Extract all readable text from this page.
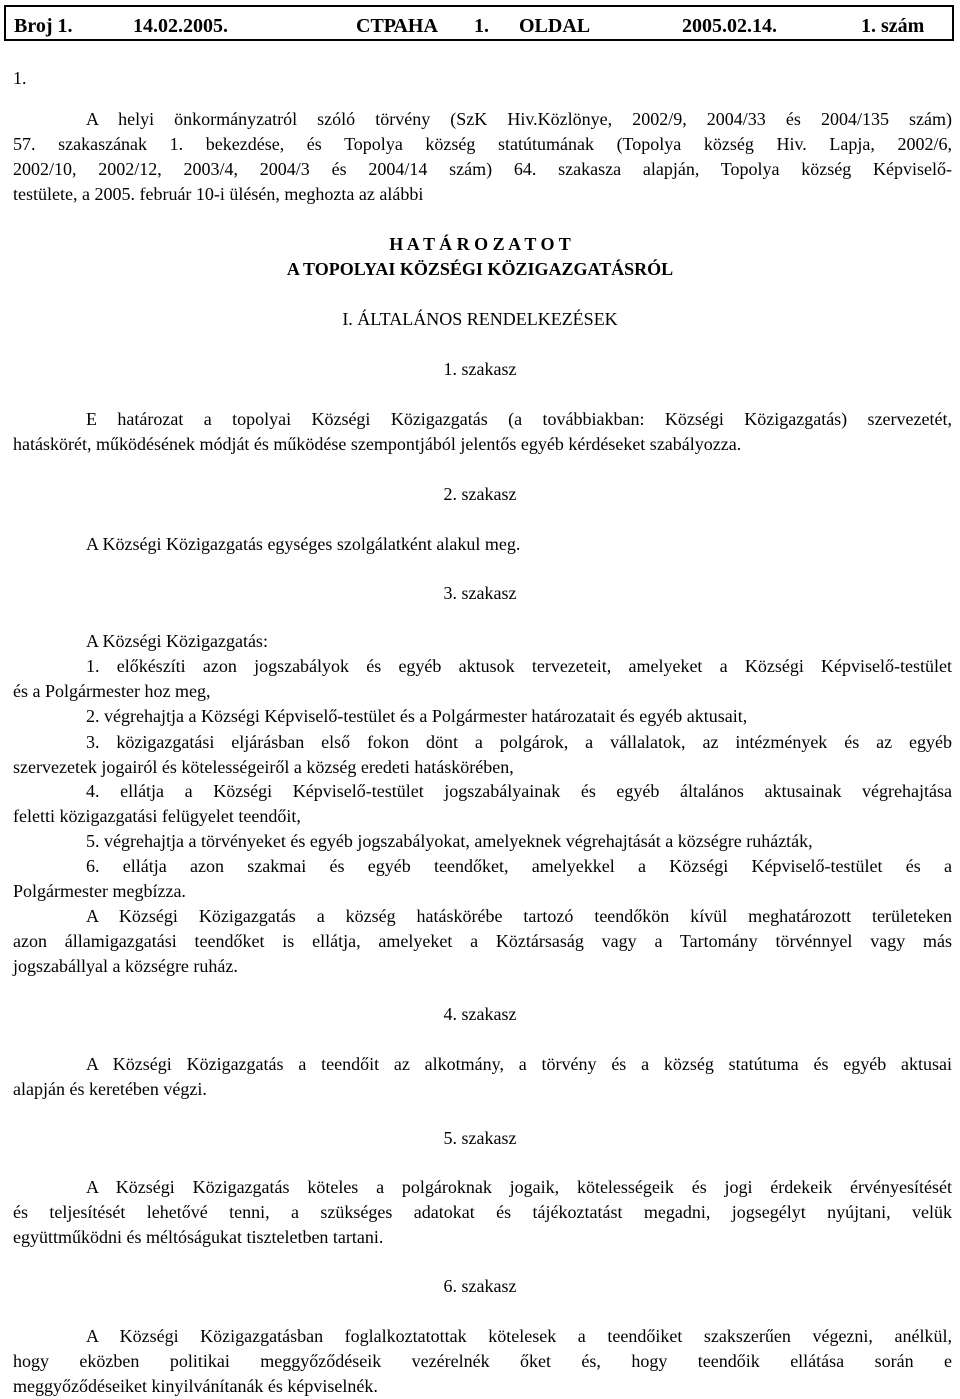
Broj 1.	14.02.2005.	СТРАНА 1. OLDAL	2005.02.14.	1. szám
1.
A helyi önkormányzatról szóló törvény (SzK Hiv.Közlönye, 2002/9, 2004/33 és 2004/135 szám)
57. szakaszának 1. bekezdése, és Topolya község statútumának (Topolya község Hiv. Lapja, 2002/6,
2002/10, 2002/12, 2003/4, 2004/3 és 2004/14 szám) 64. szakasza alapján, Topolya község Képviselő-
testülete, a 2005. február 10-i ülésén, meghozta az alábbi
H A T Á R O Z A T O T
A TOPOLYAI KÖZSÉGI KÖZIGAZGATÁSRÓL
I. ÁLTALÁNOS RENDELKEZÉSEK
1. szakasz
E határozat a topolyai Községi Közigazgatás (a továbbiakban: Községi Közigazgatás) szervezetét,
hatáskörét, működésének módját és működése szempontjából jelentős egyéb kérdéseket szabályozza.
2. szakasz
A Községi Közigazgatás egységes szolgálatként alakul meg.
3. szakasz
A Községi Közigazgatás:
1. előkészíti azon jogszabályok és egyéb aktusok tervezeteit, amelyeket a Községi Képviselő-testület
és a Polgármester hoz meg,
2. végrehajtja a Községi Képviselő-testület és a Polgármester határozatait és egyéb aktusait,
3. közigazgatási eljárásban első fokon dönt a polgárok, a vállalatok, az intézmények és az egyéb
szervezetek jogairól és kötelességeiről a község eredeti hatáskörében,
4. ellátja a Községi Képviselő-testület jogszabályainak és egyéb általános aktusainak végrehajtása
feletti közigazgatási felügyelet teendőit,
5. végrehajtja a törvényeket és egyéb jogszabályokat, amelyeknek végrehajtását a községre ruházták,
6. ellátja azon szakmai és egyéb teendőket, amelyekkel a Községi Képviselő-testület és a
Polgármester megbízza.
A Községi Közigazgatás a község hatáskörébe tartozó teendőkön kívül meghatározott területeken
azon államigazgatási teendőket is ellátja, amelyeket a Köztársaság vagy a Tartomány törvénnyel vagy más
jogszabállyal a községre ruház.
4. szakasz
A Községi Közigazgatás a teendőit az alkotmány, a törvény és a község statútuma és egyéb aktusai
alapján és keretében végzi.
5. szakasz
A Községi Közigazgatás köteles a polgároknak jogaik, kötelességeik és jogi érdekeik érvényesítését
és teljesítését lehetővé tenni, a szükséges adatokat és tájékoztatást megadni, jogsegélyt nyújtani, velük
együttműködni és méltóságukat tiszteletben tartani.
6. szakasz
A Községi Közigazgatásban foglalkoztatottak kötelesek a teendőiket szakszerűen végezni, anélkül,
hogy eközben politikai meggyőződéseik vezérelnék őket és, hogy teendőik ellátása során e
meggyőződéseiket kinyilvánítanák és képviselnék.
